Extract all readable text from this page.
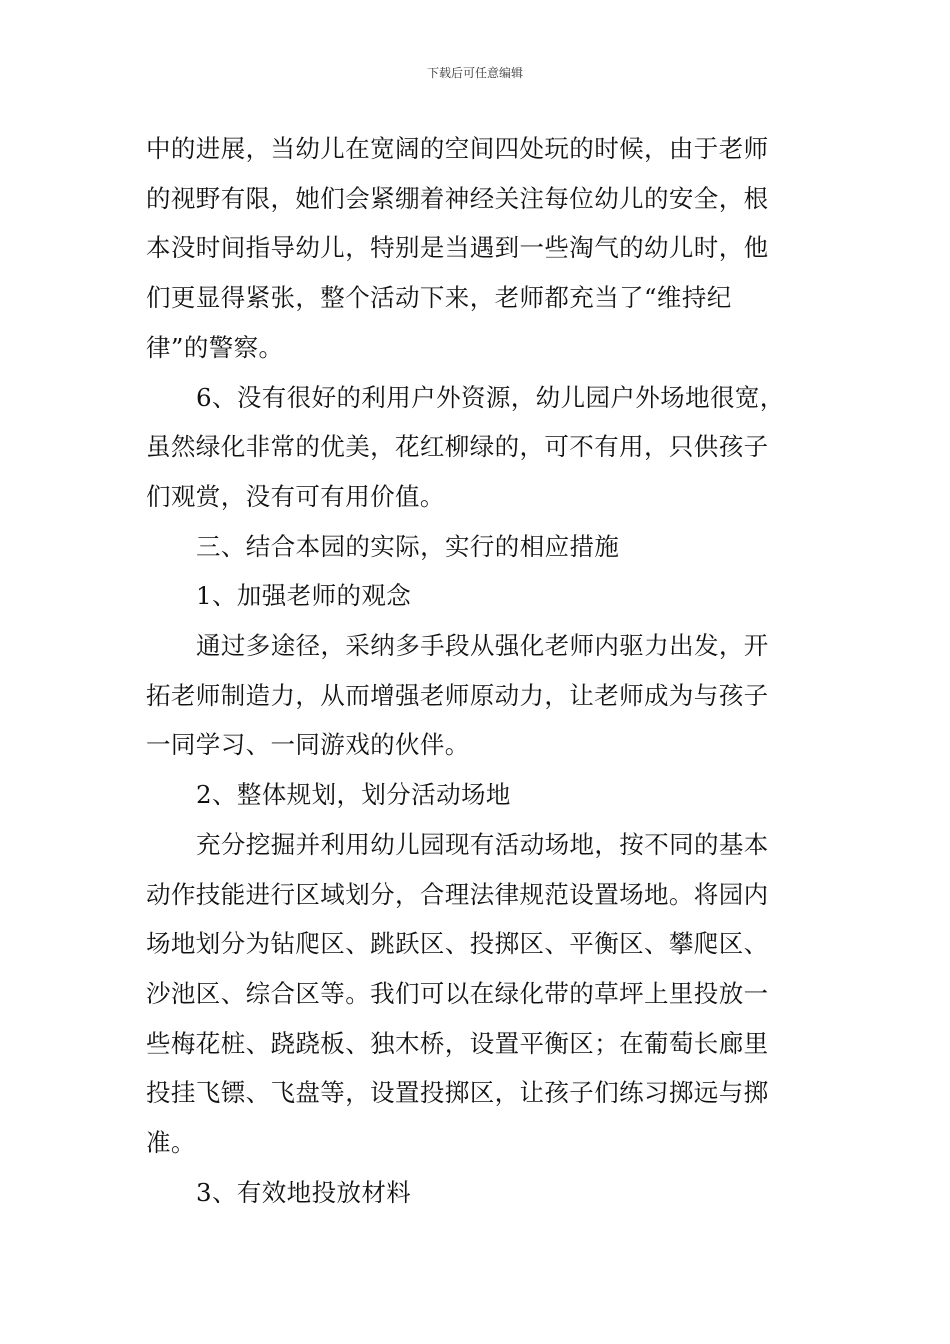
下载后可任意编辑

中的进展，当幼儿在宽阔的空间四处玩的时候，由于老师
的视野有限，她们会紧绷着神经关注每位幼儿的安全，根
本没时间指导幼儿，特别是当遇到一些淘气的幼儿时，他
们更显得紧张，整个活动下来，老师都充当了“维持纪
律”的警察。

6、没有很好的利用户外资源，幼儿园户外场地很宽，
虽然绿化非常的优美，花红柳绿的，可不有用，只供孩子
们观赏，没有可有用价值。

三、结合本园的实际，实行的相应措施

1、加强老师的观念

通过多途径，采纳多手段从强化老师内驱力出发，开
拓老师制造力，从而增强老师原动力，让老师成为与孩子
一同学习、一同游戏的伙伴。

2、整体规划，划分活动场地

充分挖掘并利用幼儿园现有活动场地，按不同的基本
动作技能进行区域划分，合理法律规范设置场地。将园内
场地划分为钻爬区、跳跃区、投掷区、平衡区、攀爬区、
沙池区、综合区等。我们可以在绿化带的草坪上里投放一
些梅花桩、跷跷板、独木桥，设置平衡区；在葡萄长廊里
投挂飞镖、飞盘等，设置投掷区，让孩子们练习掷远与掷
准。

3、有效地投放材料
